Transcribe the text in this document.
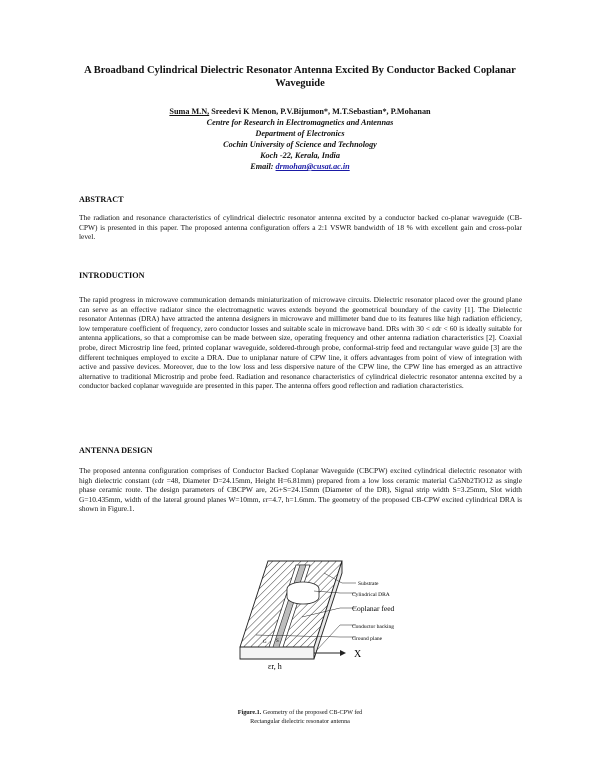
A Broadband Cylindrical Dielectric Resonator Antenna Excited By Conductor Backed Coplanar Waveguide
Suma M.N, Sreedevi K Menon, P.V.Bijumon*, M.T.Sebastian*, P.Mohanan
Centre for Research in Electromagnetics and Antennas
Department of Electronics
Cochin University of Science and Technology
Koch -22, Kerala, India
Email: drmohan@cusat.ac.in
ABSTRACT

The radiation and resonance characteristics of cylindrical dielectric resonator antenna excited by a conductor backed co-planar waveguide (CB-CPW) is presented in this paper. The proposed antenna configuration offers a 2:1 VSWR bandwidth of 18 % with excellent gain and cross-polar level.

INTRODUCTION

The rapid progress in microwave communication demands miniaturization of microwave circuits. Dielectric resonator placed over the ground plane can serve as an effective radiator since the electromagnetic waves extends beyond the geometrical boundary of the cavity [1]. The Dielectric resonator Antennas (DRA) have attracted the antenna designers in microwave and millimeter band due to its features like high radiation efficiency, low temperature coefficient of frequency, zero conductor losses and suitable scale in microwave band. DRs with 30 < εdr < 60 is ideally suitable for antenna applications, so that a compromise can be made between size, operating frequency and other antenna radiation characteristics [2]. Coaxial probe, direct Microstrip line feed, printed coplanar waveguide, soldered-through probe, conformal-strip feed and rectangular wave guide [3] are the different techniques employed to excite a DRA. Due to uniplanar nature of CPW line, it offers advantages from point of view of integration with active and passive devices. Moreover, due to the low loss and less dispersive nature of the CPW line, the CPW line has emerged as an attractive alternative to traditional Microstrip and probe feed. Radiation and resonance characteristics of cylindrical dielectric resonator antenna excited by a conductor backed coplanar waveguide are presented in this paper. The antenna offers good reflection and radiation characteristics.

ANTENNA DESIGN

The proposed antenna configuration comprises of Conductor Backed Coplanar Waveguide (CBCPW) excited cylindrical dielectric resonator with high dielectric constant (εdr =48, Diameter D=24.15mm, Height H=6.81mm) prepared from a low loss ceramic material Ca5Nb2TiO12 as single phase ceramic route. The design parameters of CBCPW are, 2G+S=24.15mm (Diameter of the DR), Signal strip width S=3.25mm, Slot width G=10.435mm, width of the lateral ground planes W=10mm, εr=4.7, h=1.6mm. The geometry of the proposed CB-CPW excited cylindrical DRA is shown in Figure.1.

G S
X
εr, h
Substrate
Cylindrical DRA
Coplanar feed
Conductor backing
Ground plane
Figure.1. Geometry of the proposed CB-CPW fed
Rectangular dielectric resonator antenna
